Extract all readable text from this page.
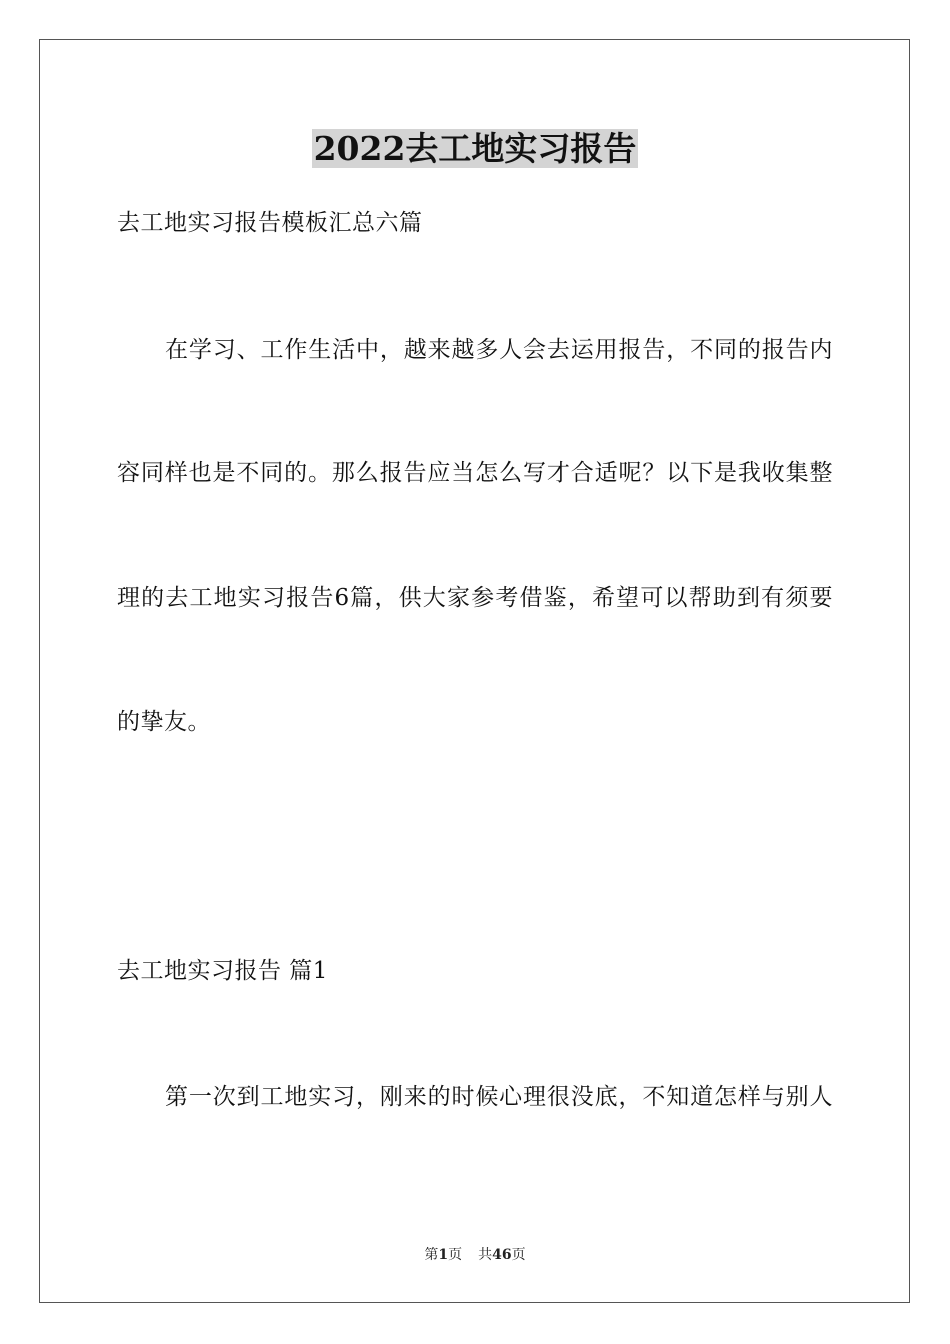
2022去工地实习报告
去工地实习报告模板汇总六篇
在学习、工作生活中，越来越多人会去运用报告，不同的报告内
容同样也是不同的。那么报告应当怎么写才合适呢？以下是我收集整
理的去工地实习报告6篇，供大家参考借鉴，希望可以帮助到有须要
的挚友。
去工地实习报告 篇1
第一次到工地实习，刚来的时候心理很没底，不知道怎样与别人
第1页 共46页
